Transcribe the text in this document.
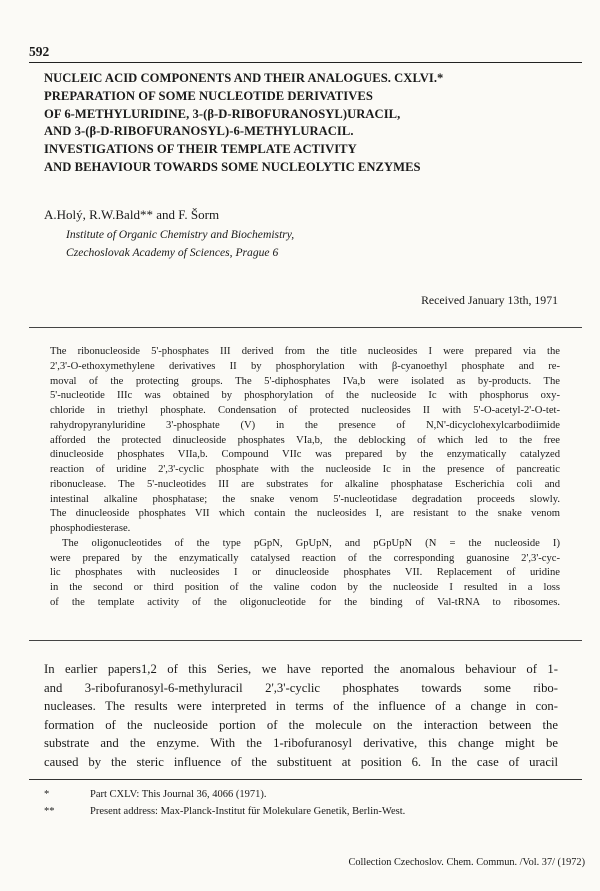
592
NUCLEIC ACID COMPONENTS AND THEIR ANALOGUES. CXLVI.*
PREPARATION OF SOME NUCLEOTIDE DERIVATIVES
OF 6-METHYLURIDINE, 3-(β-D-RIBOFURANOSYL)URACIL,
AND 3-(β-D-RIBOFURANOSYL)-6-METHYLURACIL.
INVESTIGATIONS OF THEIR TEMPLATE ACTIVITY
AND BEHAVIOUR TOWARDS SOME NUCLEOLYTIC ENZYMES
A.Holý, R.W.Bald** and F. Šorm
Institute of Organic Chemistry and Biochemistry,
Czechoslovak Academy of Sciences, Prague 6
Received January 13th, 1971
The ribonucleoside 5'-phosphates III derived from the title nucleosides I were prepared via the
2',3'-O-ethoxymethylene derivatives II by phosphorylation with β-cyanoethyl phosphate and re-
moval of the protecting groups. The 5'-diphosphates IVa,b were isolated as by-products. The
5'-nucleotide IIIc was obtained by phosphorylation of the nucleoside Ic with phosphorus oxy-
chloride in triethyl phosphate. Condensation of protected nucleosides II with 5'-O-acetyl-2'-O-tet-
rahydropyranyluridine 3'-phosphate (V) in the presence of N,N'-dicyclohexylcarbodiimide
afforded the protected dinucleoside phosphates VIa,b, the deblocking of which led to the free
dinucleoside phosphates VIIa,b. Compound VIIc was prepared by the enzymatically catalyzed
reaction of uridine 2',3'-cyclic phosphate with the nucleoside Ic in the presence of pancreatic
ribonuclease. The 5'-nucleotides III are substrates for alkaline phosphatase Escherichia coli and
intestinal alkaline phosphatase; the snake venom 5'-nucleotidase degradation proceeds slowly.
The dinucleoside phosphates VII which contain the nucleosides I, are resistant to the snake venom
phosphodiesterase.
The oligonucleotides of the type pGpN, GpUpN, and pGpUpN (N = the nucleoside I)
were prepared by the enzymatically catalysed reaction of the corresponding guanosine 2',3'-cyc-
lic phosphates with nucleosides I or dinucleoside phosphates VII. Replacement of uridine
in the second or third position of the valine codon by the nucleoside I resulted in a loss
of the template activity of the oligonucleotide for the binding of Val-tRNA to ribosomes.
In earlier papers1,2 of this Series, we have reported the anomalous behaviour of 1-
and 3-ribofuranosyl-6-methyluracil 2',3'-cyclic phosphates towards some ribo-
nucleases. The results were interpreted in terms of the influence of a change in con-
formation of the nucleoside portion of the molecule on the interaction between the
substrate and the enzyme. With the 1-ribofuranosyl derivative, this change might be
caused by the steric influence of the substituent at position 6. In the case of uracil
*	Part CXLV: This Journal 36, 4066 (1971).
**	Present address: Max-Planck-Institut für Molekulare Genetik, Berlin-West.
Collection Czechoslov. Chem. Commun. /Vol. 37/ (1972)
